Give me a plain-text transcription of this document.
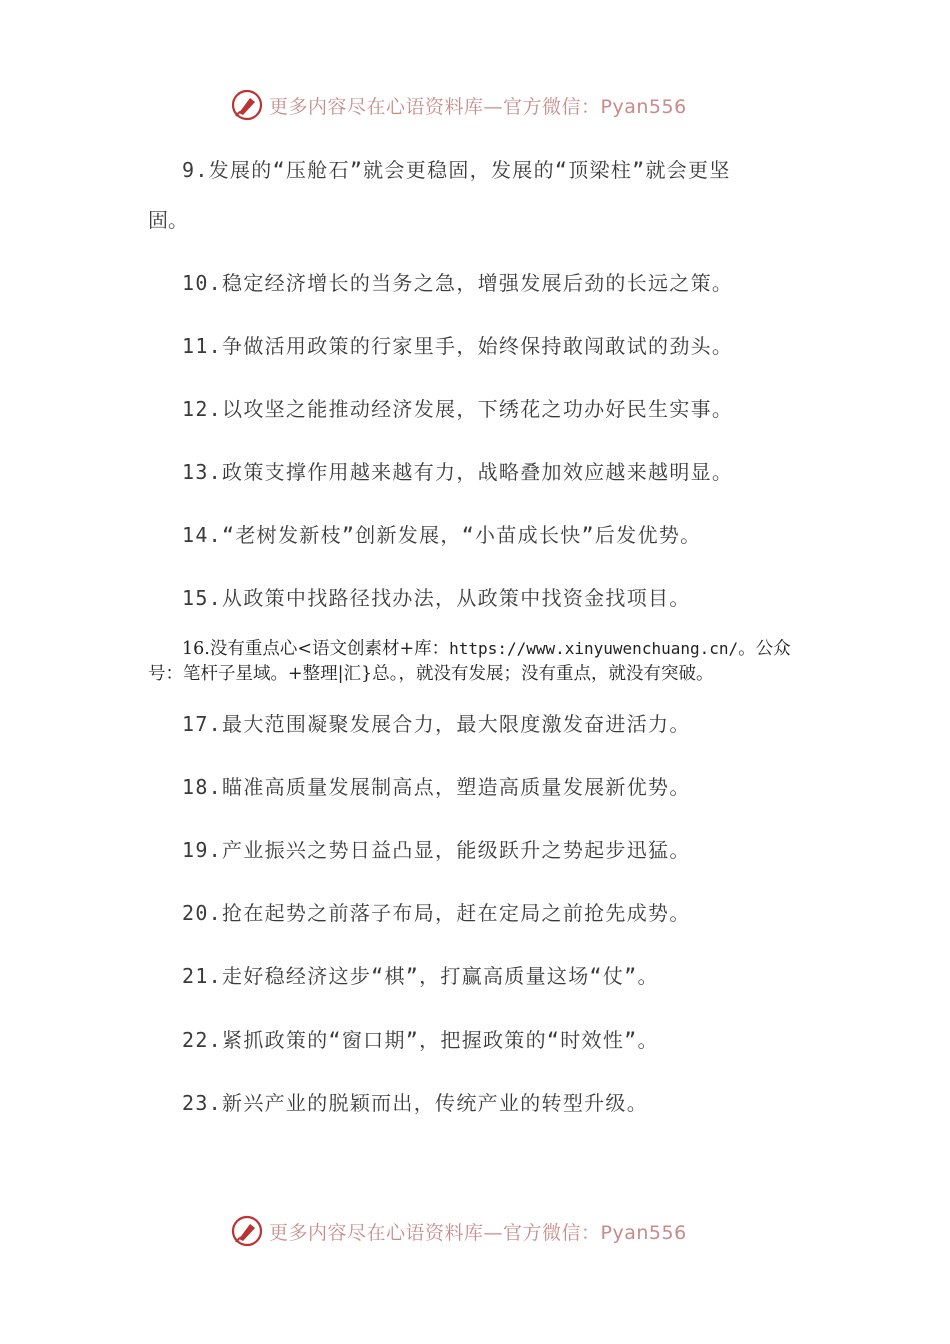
更多内容尽在心语资料库—官方微信：Pyan556
9.发展的“压舱石”就会更稳固，发展的“顶梁柱”就会更坚
固。
10.稳定经济增长的当务之急，增强发展后劲的长远之策。
11.争做活用政策的行家里手，始终保持敢闯敢试的劲头。
12.以攻坚之能推动经济发展，下绣花之功办好民生实事。
13.政策支撑作用越来越有力，战略叠加效应越来越明显。
14.“老树发新枝”创新发展，“小苗成长快”后发优势。
15.从政策中找路径找办法，从政策中找资金找项目。
16.没有重点心<语文创素材+库：https://www.xinyuwenchuang.cn/。公众
号：笔杆子星域。+整理|汇}总。，就没有发展；没有重点，就没有突破。
17.最大范围凝聚发展合力，最大限度激发奋进活力。
18.瞄准高质量发展制高点，塑造高质量发展新优势。
19.产业振兴之势日益凸显，能级跃升之势起步迅猛。
20.抢在起势之前落子布局，赶在定局之前抢先成势。
21.走好稳经济这步“棋”，打赢高质量这场“仗”。
22.紧抓政策的“窗口期”，把握政策的“时效性”。
23.新兴产业的脱颖而出，传统产业的转型升级。
更多内容尽在心语资料库—官方微信：Pyan556
